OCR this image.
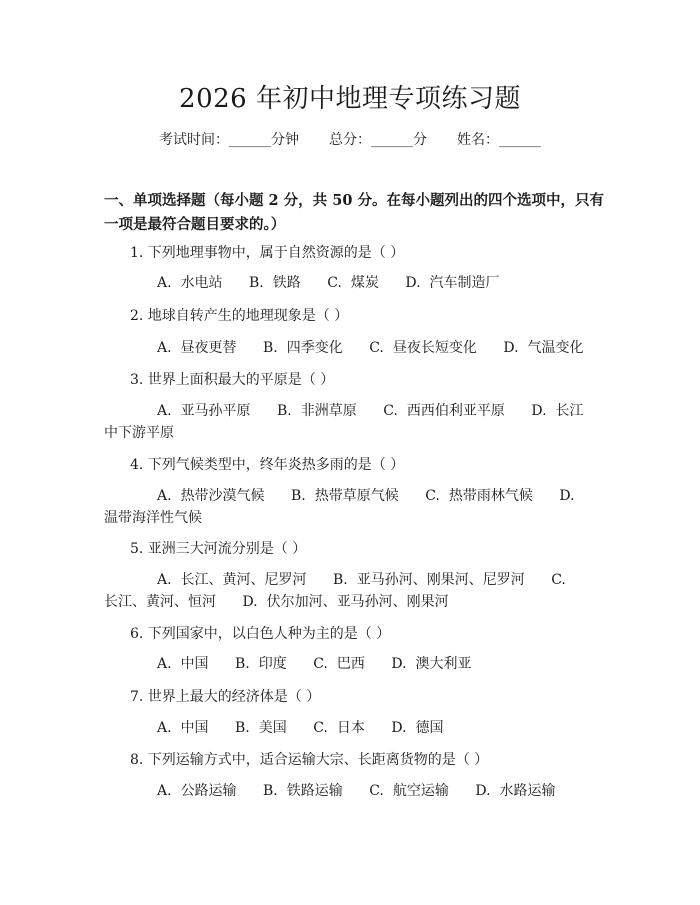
2026 年初中地理专项练习题
考试时间：______分钟 总分：______分 姓名：______
一、单项选择题（每小题 2 分，共 50 分。在每小题列出的四个选项中，只有一项是最符合题目要求的。）
1. 下列地理事物中，属于自然资源的是（ ）
A. 水电站 B. 铁路 C. 煤炭 D. 汽车制造厂
2. 地球自转产生的地理现象是（ ）
A. 昼夜更替 B. 四季变化 C. 昼夜长短变化 D. 气温变化
3. 世界上面积最大的平原是（ ）
A. 亚马孙平原 B. 非洲草原 C. 西西伯利亚平原 D. 长江中下游平原
4. 下列气候类型中，终年炎热多雨的是（ ）
A. 热带沙漠气候 B. 热带草原气候 C. 热带雨林气候 D.温带海洋性气候
5. 亚洲三大河流分别是（ ）
A. 长江、黄河、尼罗河 B. 亚马孙河、刚果河、尼罗河 C.长江、黄河、恒河 D. 伏尔加河、亚马孙河、刚果河
6. 下列国家中，以白色人种为主的是（ ）
A. 中国 B. 印度 C. 巴西 D. 澳大利亚
7. 世界上最大的经济体是（ ）
A. 中国 B. 美国 C. 日本 D. 德国
8. 下列运输方式中，适合运输大宗、长距离货物的是（ ）
A. 公路运输 B. 铁路运输 C. 航空运输 D. 水路运输
